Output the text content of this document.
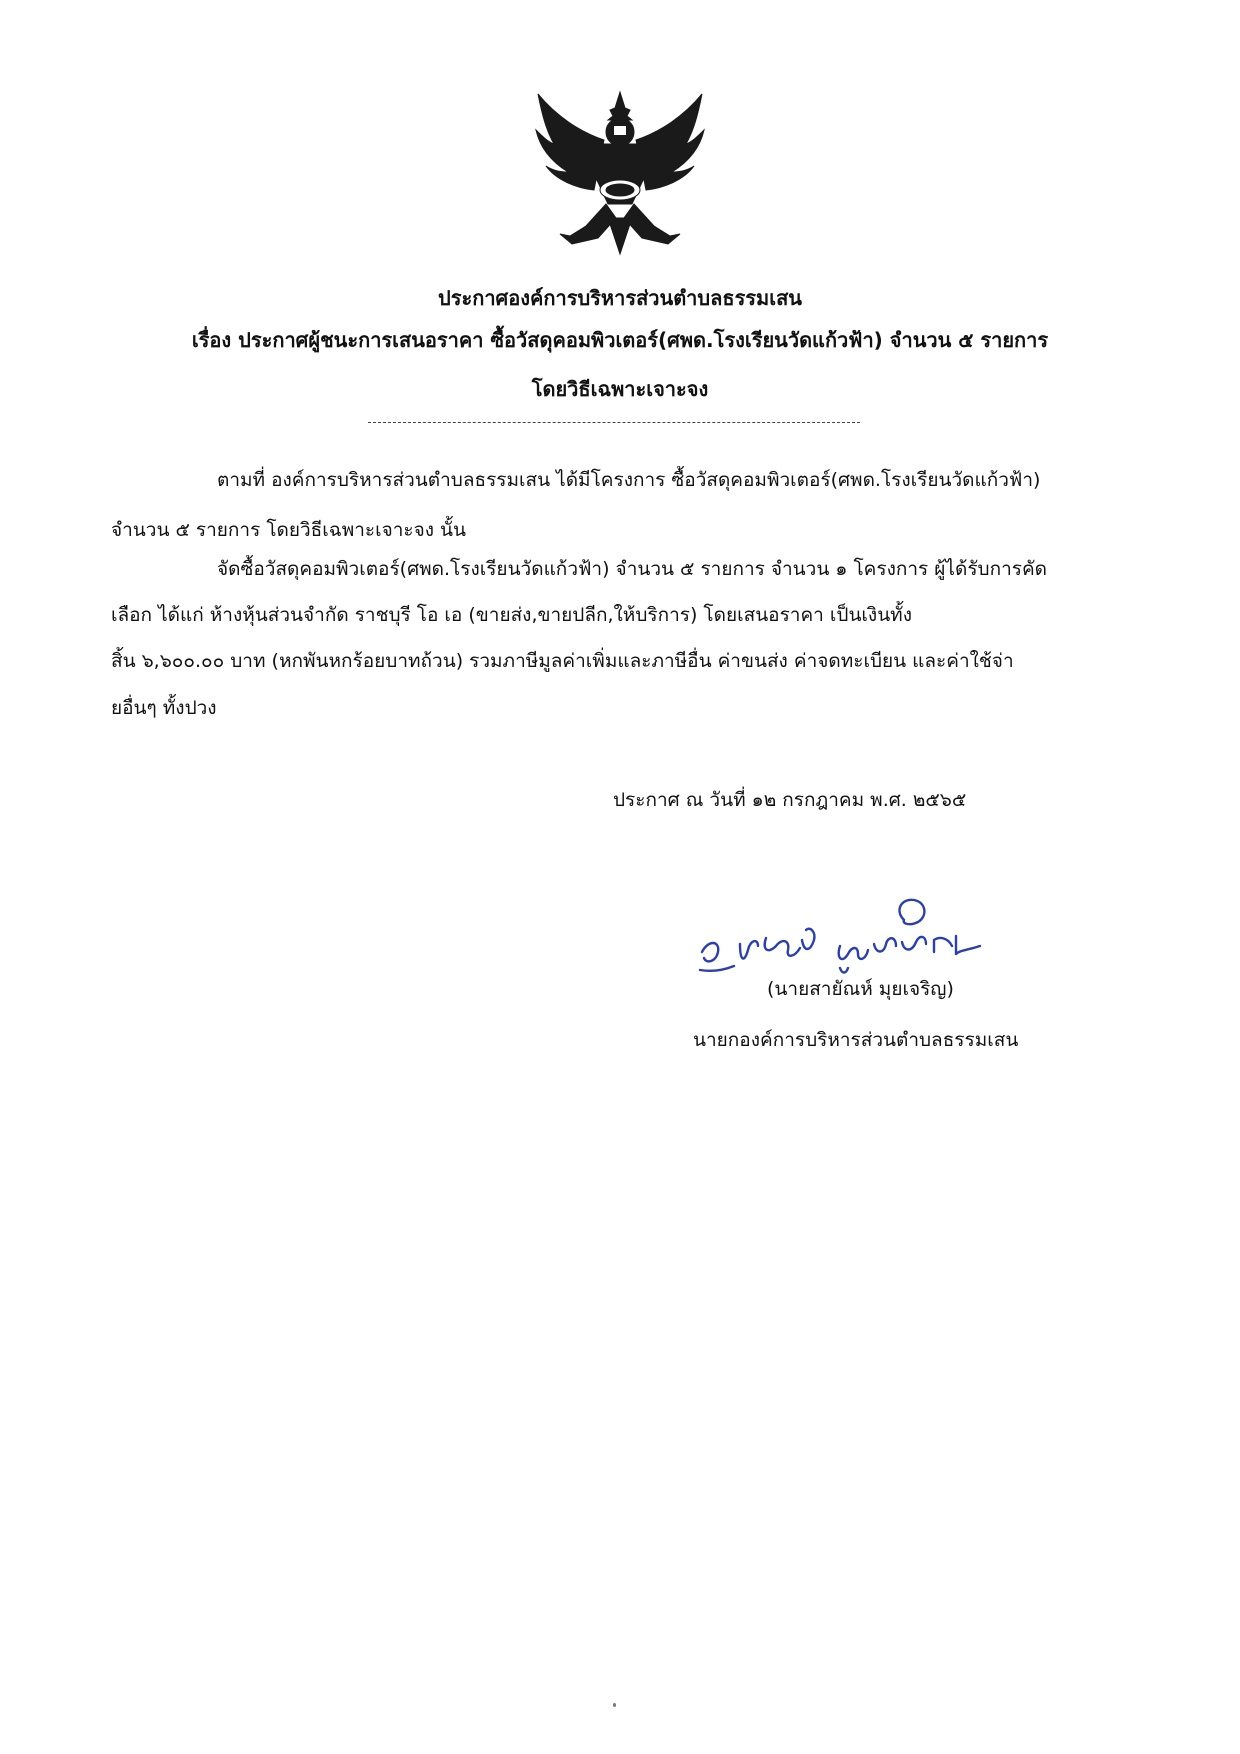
ประกาศองค์การบริหารส่วนตำบลธรรมเสน
เรื่อง ประกาศผู้ชนะการเสนอราคา ซื้อวัสดุคอมพิวเตอร์(ศพด.โรงเรียนวัดแก้วฟ้า) จำนวน ๕ รายการ
โดยวิธีเฉพาะเจาะจง
ตามที่ องค์การบริหารส่วนตำบลธรรมเสน ได้มีโครงการ ซื้อวัสดุคอมพิวเตอร์(ศพด.โรงเรียนวัดแก้วฟ้า)
จำนวน ๕ รายการ โดยวิธีเฉพาะเจาะจง นั้น
จัดซื้อวัสดุคอมพิวเตอร์(ศพด.โรงเรียนวัดแก้วฟ้า) จำนวน ๕ รายการ จำนวน ๑ โครงการ ผู้ได้รับการคัด
เลือก ได้แก่ ห้างหุ้นส่วนจำกัด ราชบุรี โอ เอ (ขายส่ง,ขายปลีก,ให้บริการ) โดยเสนอราคา เป็นเงินทั้ง
สิ้น ๖,๖๐๐.๐๐ บาท (หกพันหกร้อยบาทถ้วน) รวมภาษีมูลค่าเพิ่มและภาษีอื่น ค่าขนส่ง ค่าจดทะเบียน และค่าใช้จ่า
ยอื่นๆ ทั้งปวง
ประกาศ ณ วันที่ ๑๒ กรกฎาคม พ.ศ. ๒๕๖๕
(นายสายัณห์ มุยเจริญ)
นายกองค์การบริหารส่วนตำบลธรรมเสน
